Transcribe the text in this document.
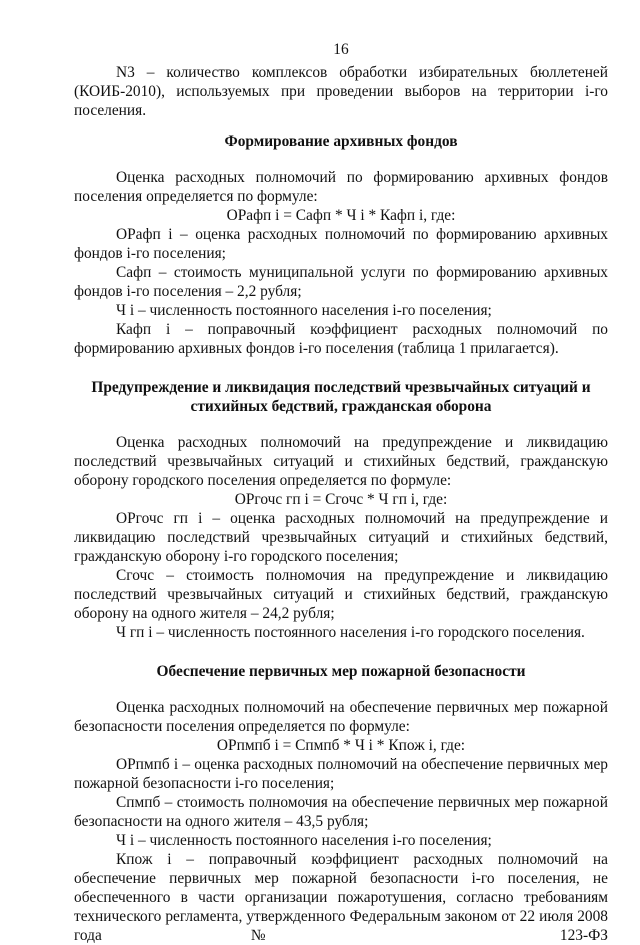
16

N3 – количество комплексов обработки избирательных бюллетеней (КОИБ-2010), используемых при проведении выборов на территории i-го поселения.

Формирование архивных фондов

Оценка расходных полномочий по формированию архивных фондов поселения определяется по формуле:

ОРафп i = Сафп * Ч i * Кафп i, где:

ОРафп i – оценка расходных полномочий по формированию архивных фондов i-го поселения;

Сафп – стоимость муниципальной услуги по формированию архивных фондов i-го поселения – 2,2 рубля;

Ч i – численность постоянного населения i-го поселения;

Кафп i – поправочный коэффициент расходных полномочий по формированию архивных фондов i-го поселения (таблица 1 прилагается).

Предупреждение и ликвидация последствий чрезвычайных ситуаций и
стихийных бедствий, гражданская оборона

Оценка расходных полномочий на предупреждение и ликвидацию последствий чрезвычайных ситуаций и стихийных бедствий, гражданскую оборону городского поселения определяется по формуле:

ОРгочс гп i = Сгочс * Ч гп i, где:

ОРгочс гп i – оценка расходных полномочий на предупреждение и ликвидацию последствий чрезвычайных ситуаций и стихийных бедствий, гражданскую оборону i-го городского поселения;

Сгочс – стоимость полномочия на предупреждение и ликвидацию последствий чрезвычайных ситуаций и стихийных бедствий, гражданскую оборону на одного жителя – 24,2 рубля;

Ч гп i – численность постоянного населения i-го городского поселения.

Обеспечение первичных мер пожарной безопасности

Оценка расходных полномочий на обеспечение первичных мер пожарной безопасности поселения определяется по формуле:

ОРпмпб i = Спмпб * Ч i * Кпож i, где:

ОРпмпб i – оценка расходных полномочий на обеспечение первичных мер пожарной безопасности i-го поселения;

Спмпб – стоимость полномочия на обеспечение первичных мер пожарной безопасности на одного жителя – 43,5 рубля;

Ч i – численность постоянного населения i-го поселения;

Кпож i – поправочный коэффициент расходных полномочий на обеспечение первичных мер пожарной безопасности i-го поселения, не обеспеченного в части организации пожаротушения, согласно требованиям технического регламента, утвержденного Федеральным законом от 22 июля 2008 года № 123-ФЗ
